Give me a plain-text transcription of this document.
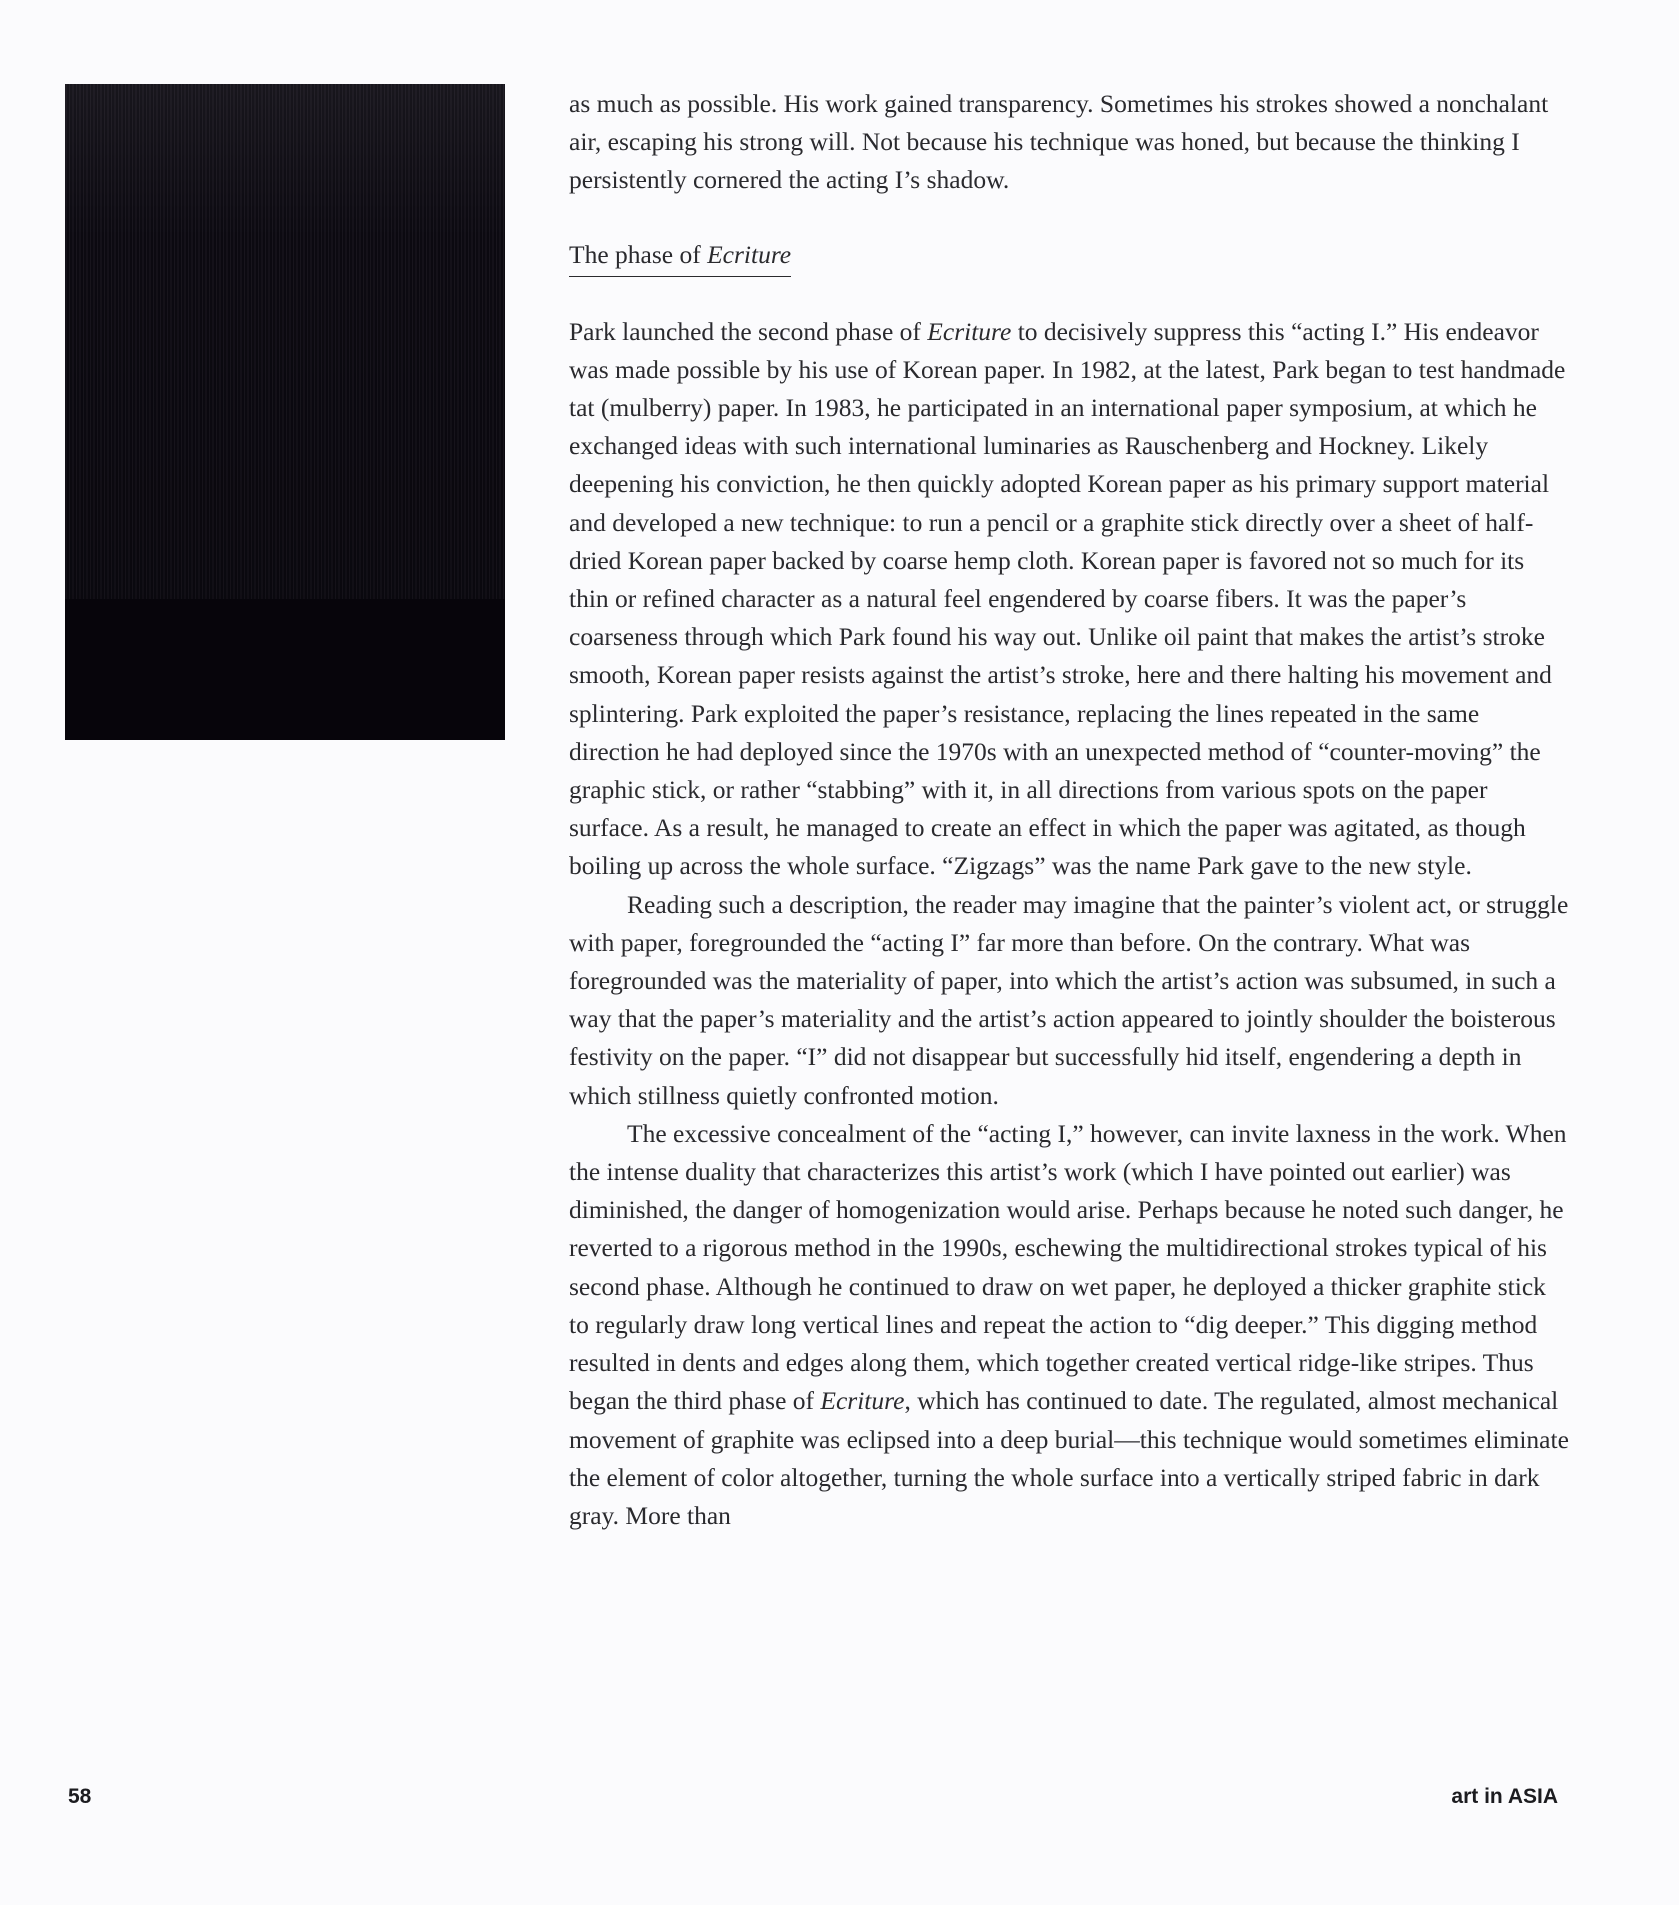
as much as possible. His work gained transparency. Sometimes his strokes showed a nonchalant air, escaping his strong will. Not because his technique was honed, but because the thinking I persistently cornered the acting I’s shadow.

The phase of Ecriture

Park launched the second phase of Ecriture to decisively suppress this “acting I.” His endeavor was made possible by his use of Korean paper. In 1982, at the latest, Park began to test handmade tat (mulberry) paper. In 1983, he participated in an international paper symposium, at which he exchanged ideas with such international luminaries as Rauschenberg and Hockney. Likely deepening his conviction, he then quickly adopted Korean paper as his primary support material and developed a new technique: to run a pencil or a graphite stick directly over a sheet of half-dried Korean paper backed by coarse hemp cloth. Korean paper is favored not so much for its thin or refined character as a natural feel engendered by coarse fibers. It was the paper’s coarseness through which Park found his way out. Unlike oil paint that makes the artist’s stroke smooth, Korean paper resists against the artist’s stroke, here and there halting his movement and splintering. Park exploited the paper’s resistance, replacing the lines repeated in the same direction he had deployed since the 1970s with an unexpected method of “counter-moving” the graphic stick, or rather “stabbing” with it, in all directions from various spots on the paper surface. As a result, he managed to create an effect in which the paper was agitated, as though boiling up across the whole surface. “Zigzags” was the name Park gave to the new style.

Reading such a description, the reader may imagine that the painter’s violent act, or struggle with paper, foregrounded the “acting I” far more than before. On the contrary. What was foregrounded was the materiality of paper, into which the artist’s action was subsumed, in such a way that the paper’s materiality and the artist’s action appeared to jointly shoulder the boisterous festivity on the paper. “I” did not disappear but successfully hid itself, engendering a depth in which stillness quietly confronted motion.

The excessive concealment of the “acting I,” however, can invite laxness in the work. When the intense duality that characterizes this artist’s work (which I have pointed out earlier) was diminished, the danger of homogenization would arise. Perhaps because he noted such danger, he reverted to a rigorous method in the 1990s, eschewing the multidirectional strokes typical of his second phase. Although he continued to draw on wet paper, he deployed a thicker graphite stick to regularly draw long vertical lines and repeat the action to “dig deeper.” This digging method resulted in dents and edges along them, which together created vertical ridge-like stripes. Thus began the third phase of Ecriture, which has continued to date. The regulated, almost mechanical movement of graphite was eclipsed into a deep burial—this technique would sometimes eliminate the element of color altogether, turning the whole surface into a vertically striped fabric in dark gray. More than

58	art in ASIA
